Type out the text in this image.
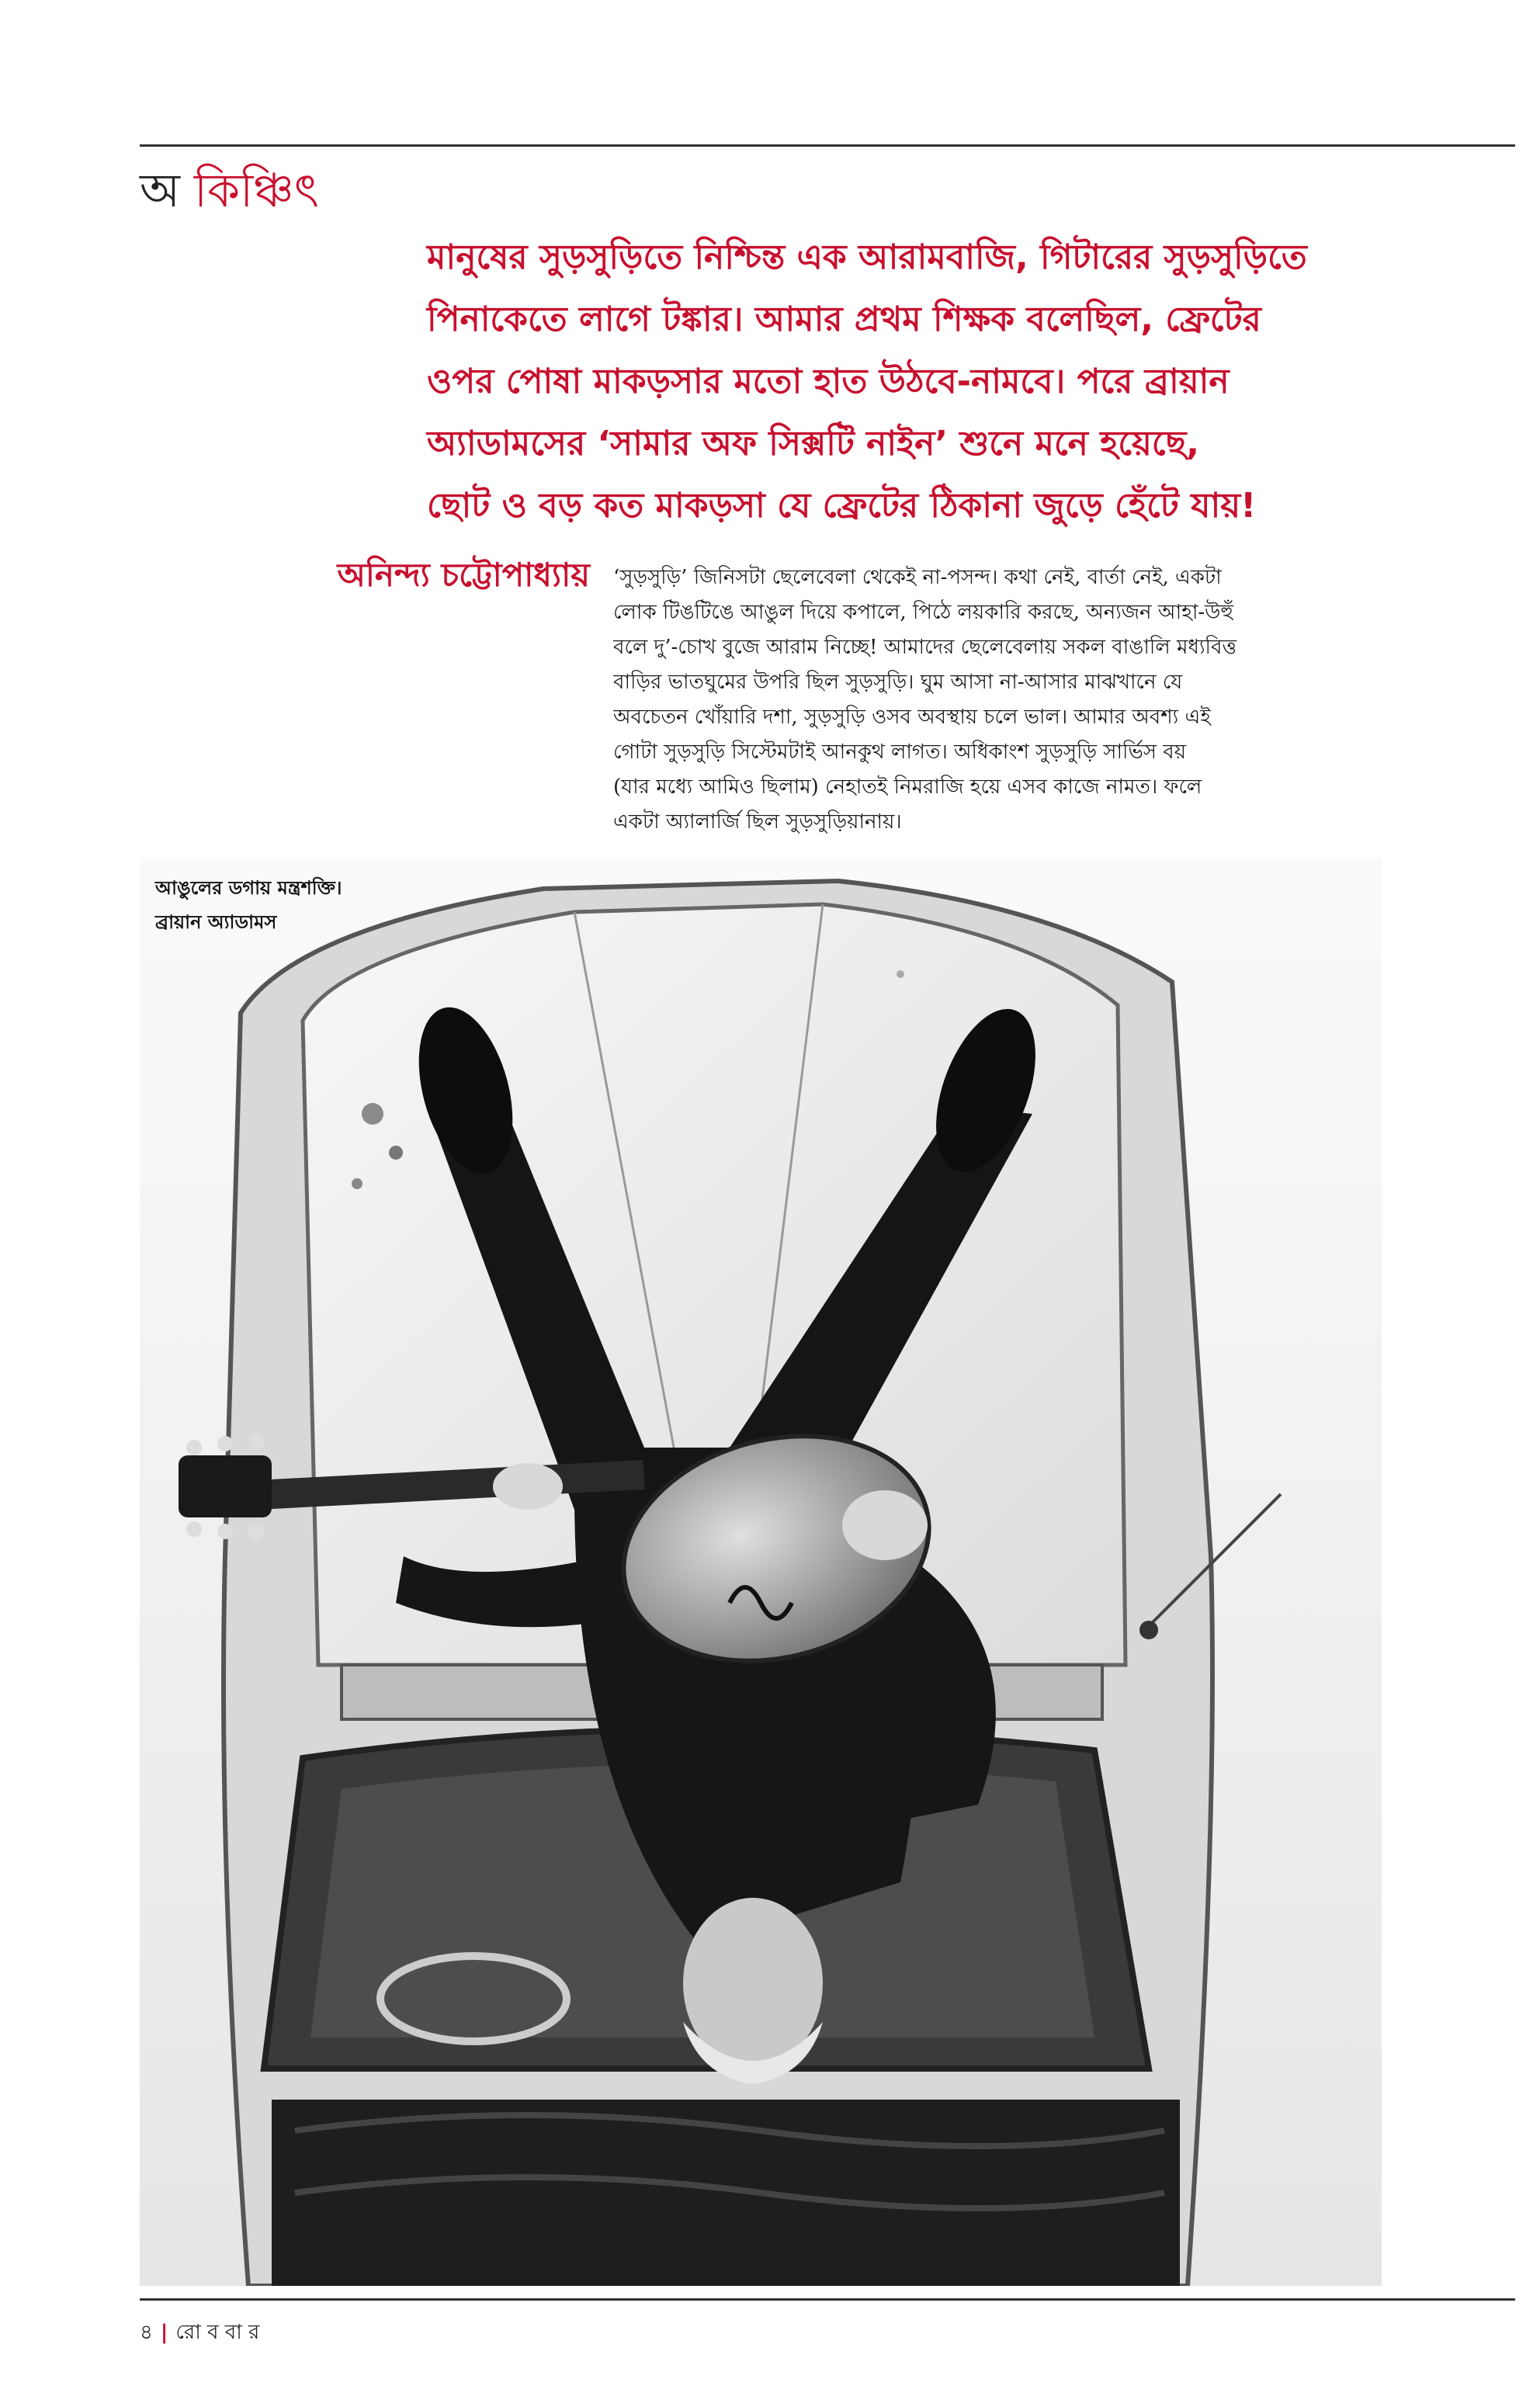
অ কিঞ্চিৎ
মানুষের সুড়সুড়িতে নিশ্চিন্ত এক আরামবাজি, গিটারের সুড়সুড়িতে
পিনাকেতে লাগে টঙ্কার। আমার প্রথম শিক্ষক বলেছিল, ফ্রেটের
ওপর পোষা মাকড়সার মতো হাত উঠবে-নামবে। পরে ব্রায়ান
অ্যাডামসের ‘সামার অফ সিক্সটি নাইন’ শুনে মনে হয়েছে,
ছোট ও বড় কত মাকড়সা যে ফ্রেটের ঠিকানা জুড়ে হেঁটে যায়!
অনিন্দ্য চট্টোপাধ্যায় ‘সুড়সুড়ি’ জিনিসটা ছেলেবেলা থেকেই না-পসন্দ। কথা নেই, বার্তা নেই, একটা
লোক টিঙটিঙে আঙুল দিয়ে কপালে, পিঠে লয়কারি করছে, অন্যজন আহা-উহুঁ
বলে দু’-চোখ বুজে আরাম নিচ্ছে! আমাদের ছেলেবেলায় সকল বাঙালি মধ্যবিত্ত
বাড়ির ভাতঘুমের উপরি ছিল সুড়সুড়ি। ঘুম আসা না-আসার মাঝখানে যে
অবচেতন খোঁয়ারি দশা, সুড়সুড়ি ওসব অবস্থায় চলে ভাল। আমার অবশ্য এই
গোটা সুড়সুড়ি সিস্টেমটাই আনকুথ লাগত। অধিকাংশ সুড়সুড়ি সার্ভিস বয়
(যার মধ্যে আমিও ছিলাম) নেহাতই নিমরাজি হয়ে এসব কাজে নামত। ফলে
একটা অ্যালার্জি ছিল সুড়সুড়িয়ানায়।
আঙুলের ডগায় মন্ত্রশক্তি।
ব্রায়ান অ্যাডামস
৪ | রো ব বা র
